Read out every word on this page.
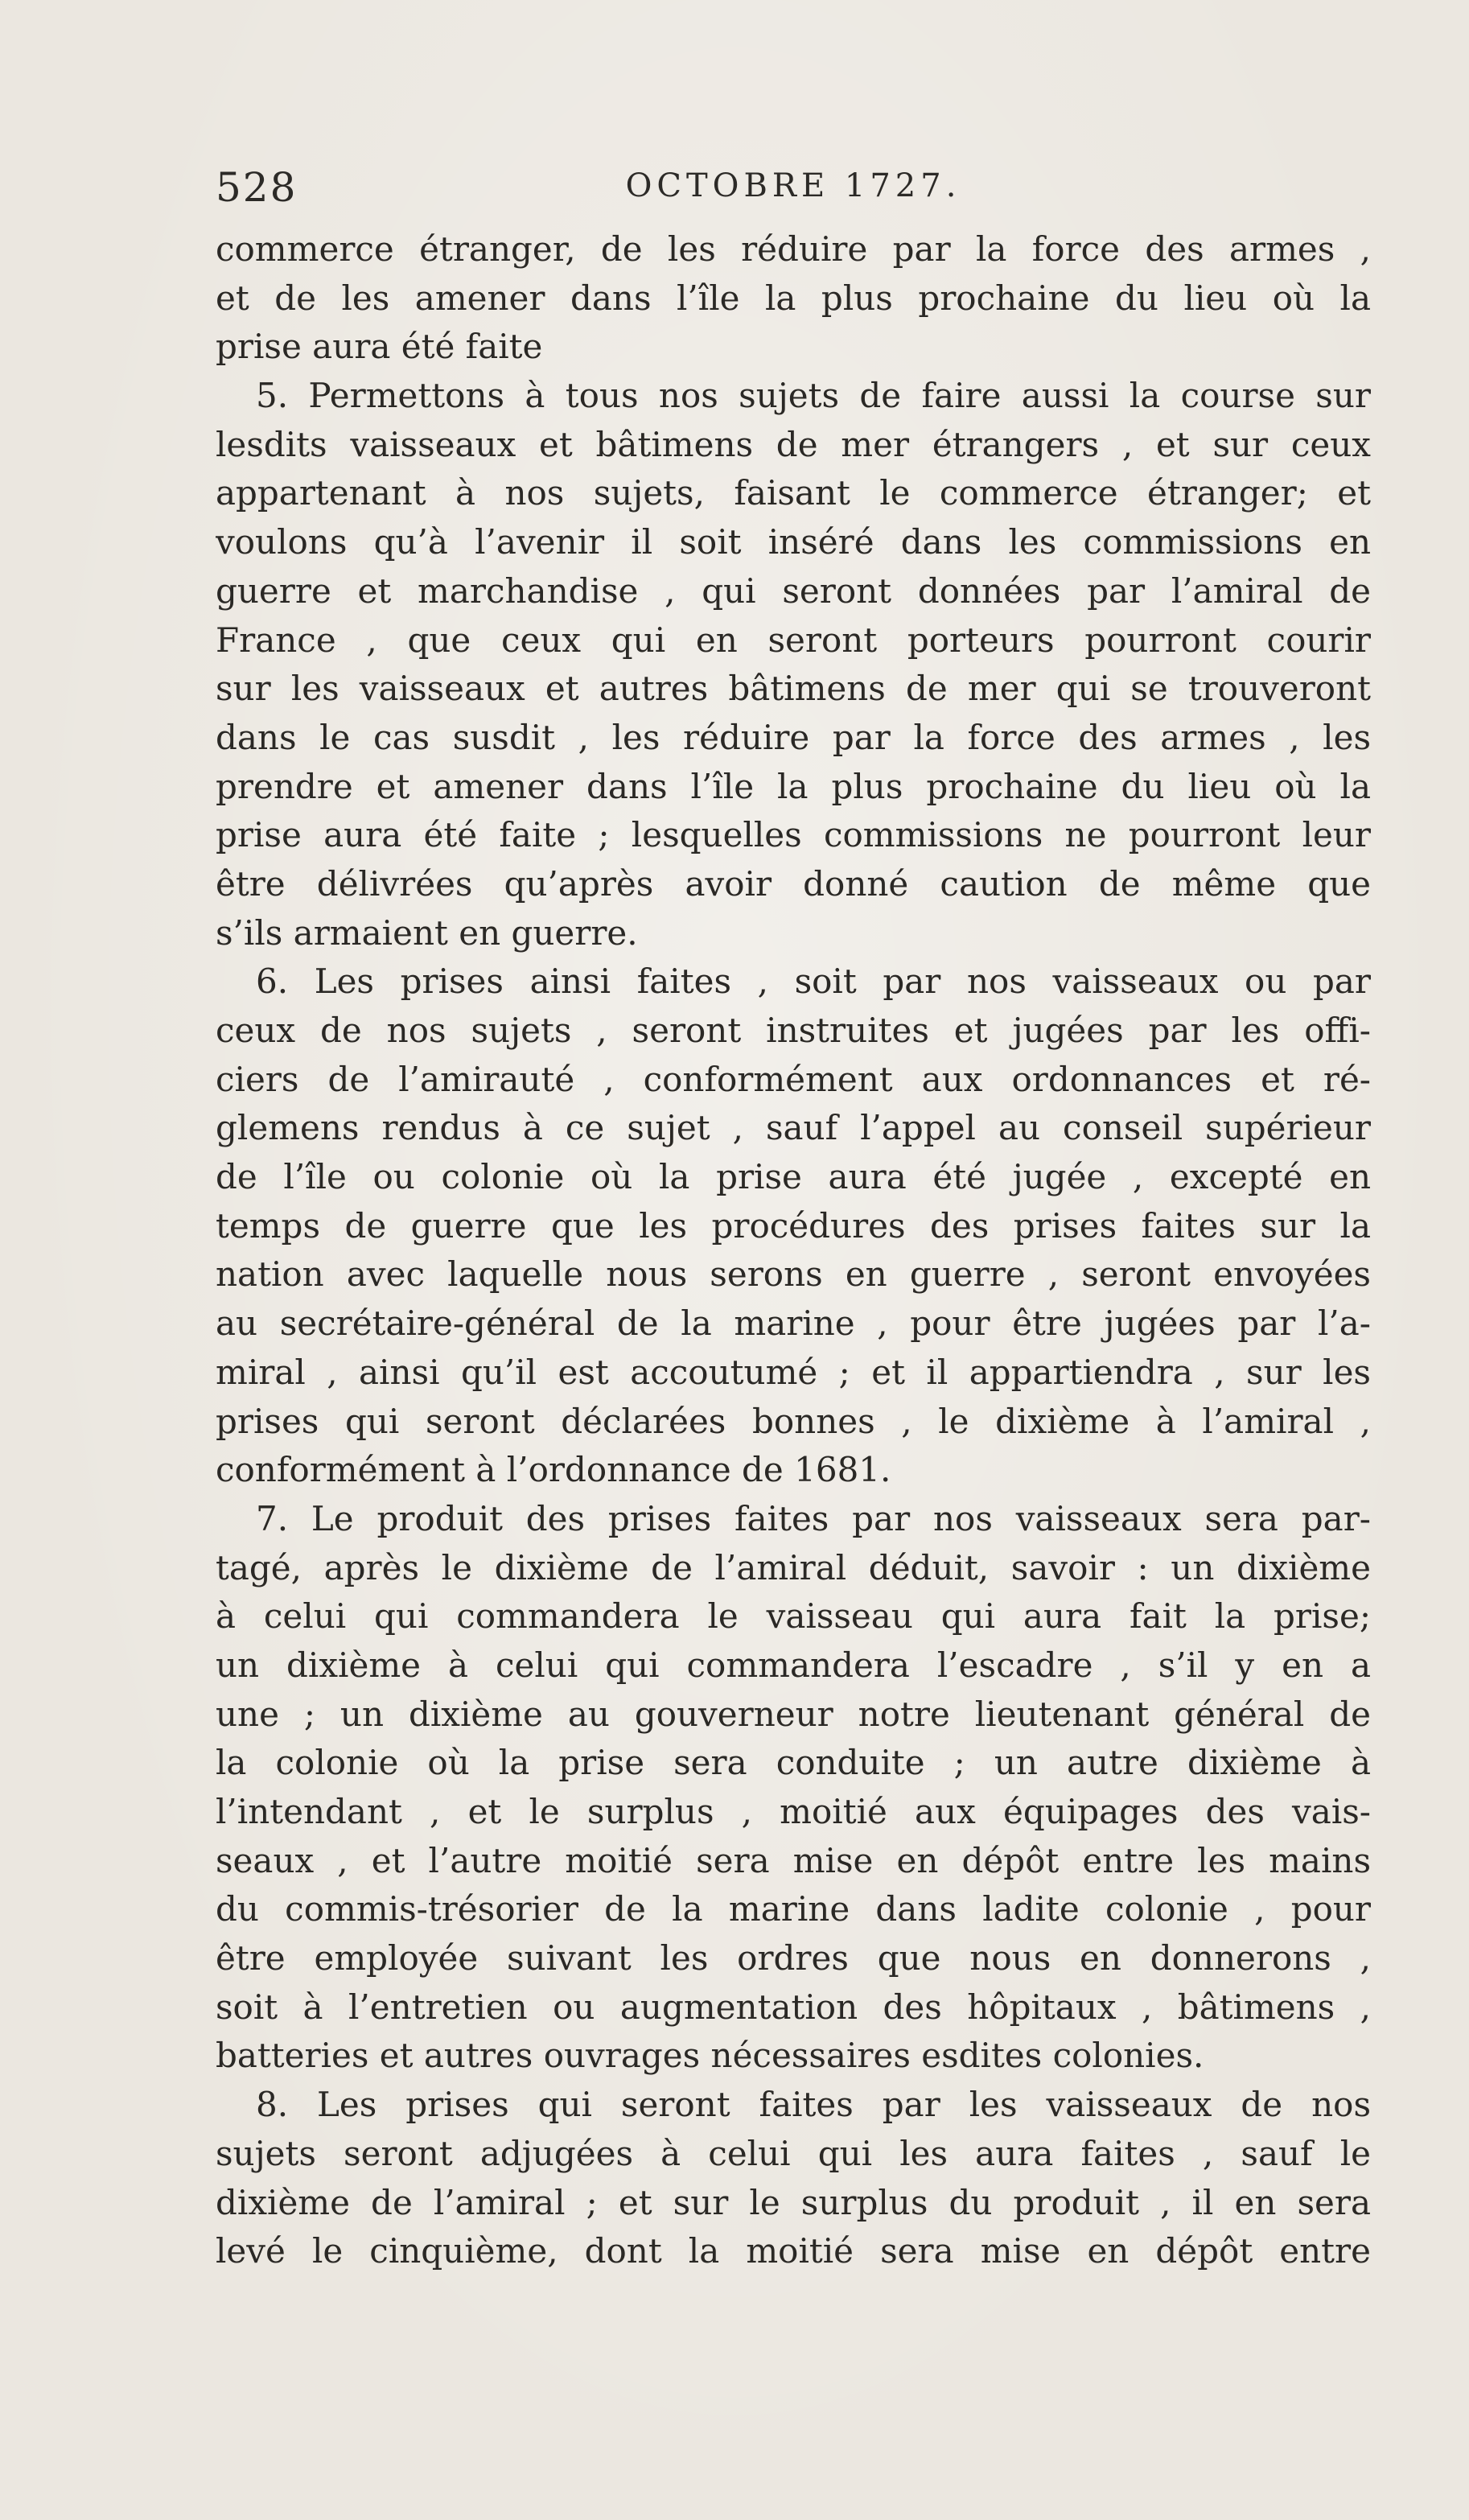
528	OCTOBRE 1727.
commerce étranger, de les réduire par la force des armes ,
et de les amener dans l’île la plus prochaine du lieu où la
prise aura été faite
5. Permettons à tous nos sujets de faire aussi la course sur
lesdits vaisseaux et bâtimens de mer étrangers , et sur ceux
appartenant à nos sujets, faisant le commerce étranger; et
voulons qu’à l’avenir il soit inséré dans les commissions en
guerre et marchandise , qui seront données par l’amiral de
France , que ceux qui en seront porteurs pourront courir
sur les vaisseaux et autres bâtimens de mer qui se trouveront
dans le cas susdit , les réduire par la force des armes , les
prendre et amener dans l’île la plus prochaine du lieu où la
prise aura été faite ; lesquelles commissions ne pourront leur
être délivrées qu’après avoir donné caution de même que
s’ils armaient en guerre.
6. Les prises ainsi faites , soit par nos vaisseaux ou par
ceux de nos sujets , seront instruites et jugées par les offi-
ciers de l’amirauté , conformément aux ordonnances et ré-
glemens rendus à ce sujet , sauf l’appel au conseil supérieur
de l’île ou colonie où la prise aura été jugée , excepté en
temps de guerre que les procédures des prises faites sur la
nation avec laquelle nous serons en guerre , seront envoyées
au secrétaire-général de la marine , pour être jugées par l’a-
miral , ainsi qu’il est accoutumé ; et il appartiendra , sur les
prises qui seront déclarées bonnes , le dixième à l’amiral ,
conformément à l’ordonnance de 1681.
7. Le produit des prises faites par nos vaisseaux sera par-
tagé, après le dixième de l’amiral déduit, savoir : un dixième
à celui qui commandera le vaisseau qui aura fait la prise;
un dixième à celui qui commandera l’escadre , s’il y en a
une ; un dixième au gouverneur notre lieutenant général de
la colonie où la prise sera conduite ; un autre dixième à
l’intendant , et le surplus , moitié aux équipages des vais-
seaux , et l’autre moitié sera mise en dépôt entre les mains
du commis-trésorier de la marine dans ladite colonie , pour
être employée suivant les ordres que nous en donnerons ,
soit à l’entretien ou augmentation des hôpitaux , bâtimens ,
batteries et autres ouvrages nécessaires esdites colonies.
8. Les prises qui seront faites par les vaisseaux de nos
sujets seront adjugées à celui qui les aura faites , sauf le
dixième de l’amiral ; et sur le surplus du produit , il en sera
levé le cinquième, dont la moitié sera mise en dépôt entre
